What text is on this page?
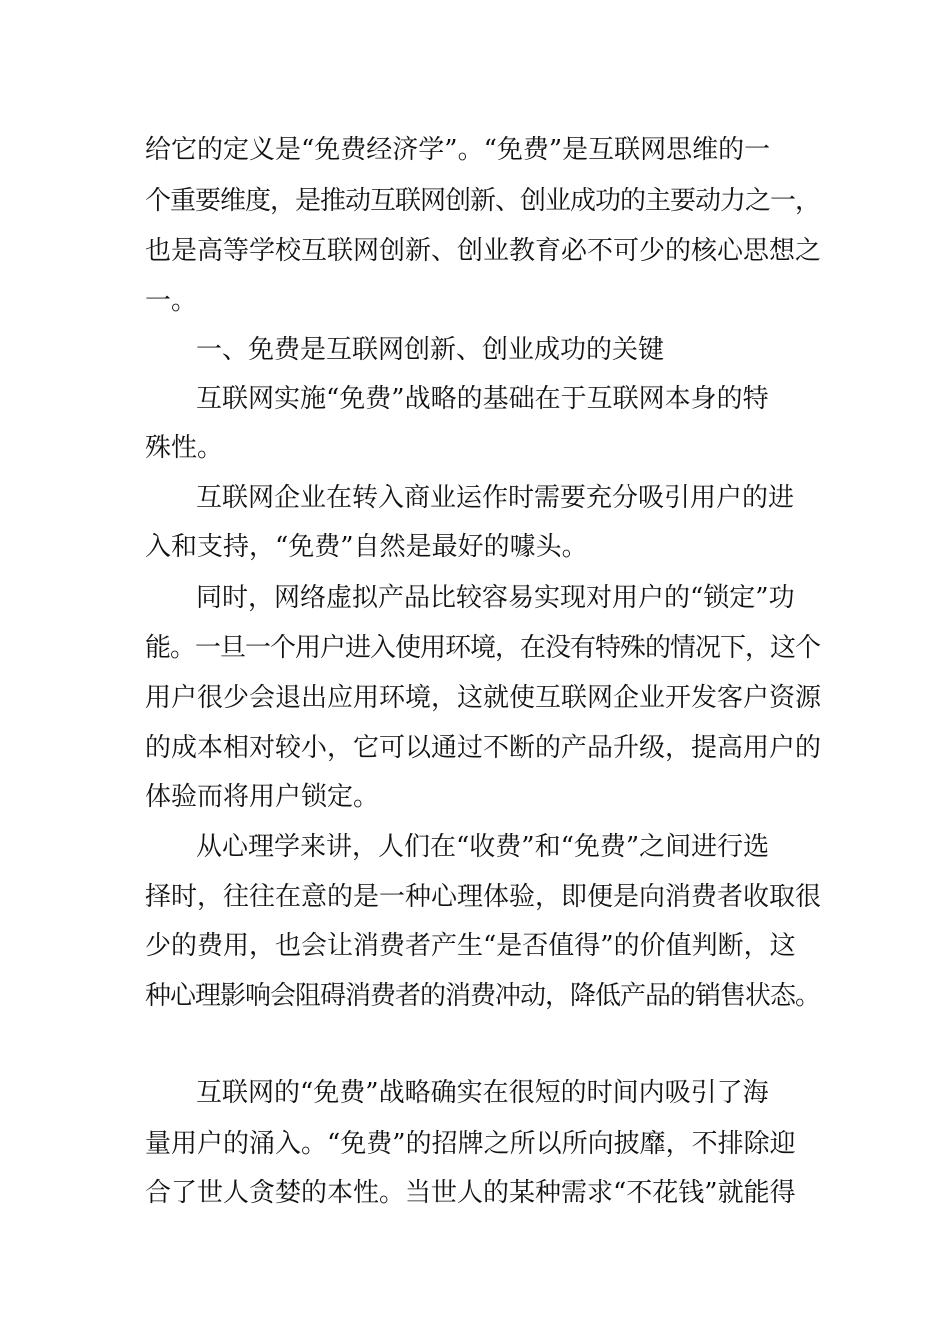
给它的定义是“免费经济学”。“免费”是互联网思维的一
个重要维度，是推动互联网创新、创业成功的主要动力之一，
也是高等学校互联网创新、创业教育必不可少的核心思想之
一。
一、免费是互联网创新、创业成功的关键
互联网实施“免费”战略的基础在于互联网本身的特
殊性。
互联网企业在转入商业运作时需要充分吸引用户的进
入和支持，“免费”自然是最好的噱头。
同时，网络虚拟产品比较容易实现对用户的“锁定”功
能。一旦一个用户进入使用环境，在没有特殊的情况下，这个
用户很少会退出应用环境，这就使互联网企业开发客户资源
的成本相对较小，它可以通过不断的产品升级，提高用户的
体验而将用户锁定。
从心理学来讲，人们在“收费”和“免费”之间进行选
择时，往往在意的是一种心理体验，即便是向消费者收取很
少的费用，也会让消费者产生“是否值得”的价值判断，这
种心理影响会阻碍消费者的消费冲动，降低产品的销售状态。
互联网的“免费”战略确实在很短的时间内吸引了海
量用户的涌入。“免费”的招牌之所以所向披靡，不排除迎
合了世人贪婪的本性。当世人的某种需求“不花钱”就能得
